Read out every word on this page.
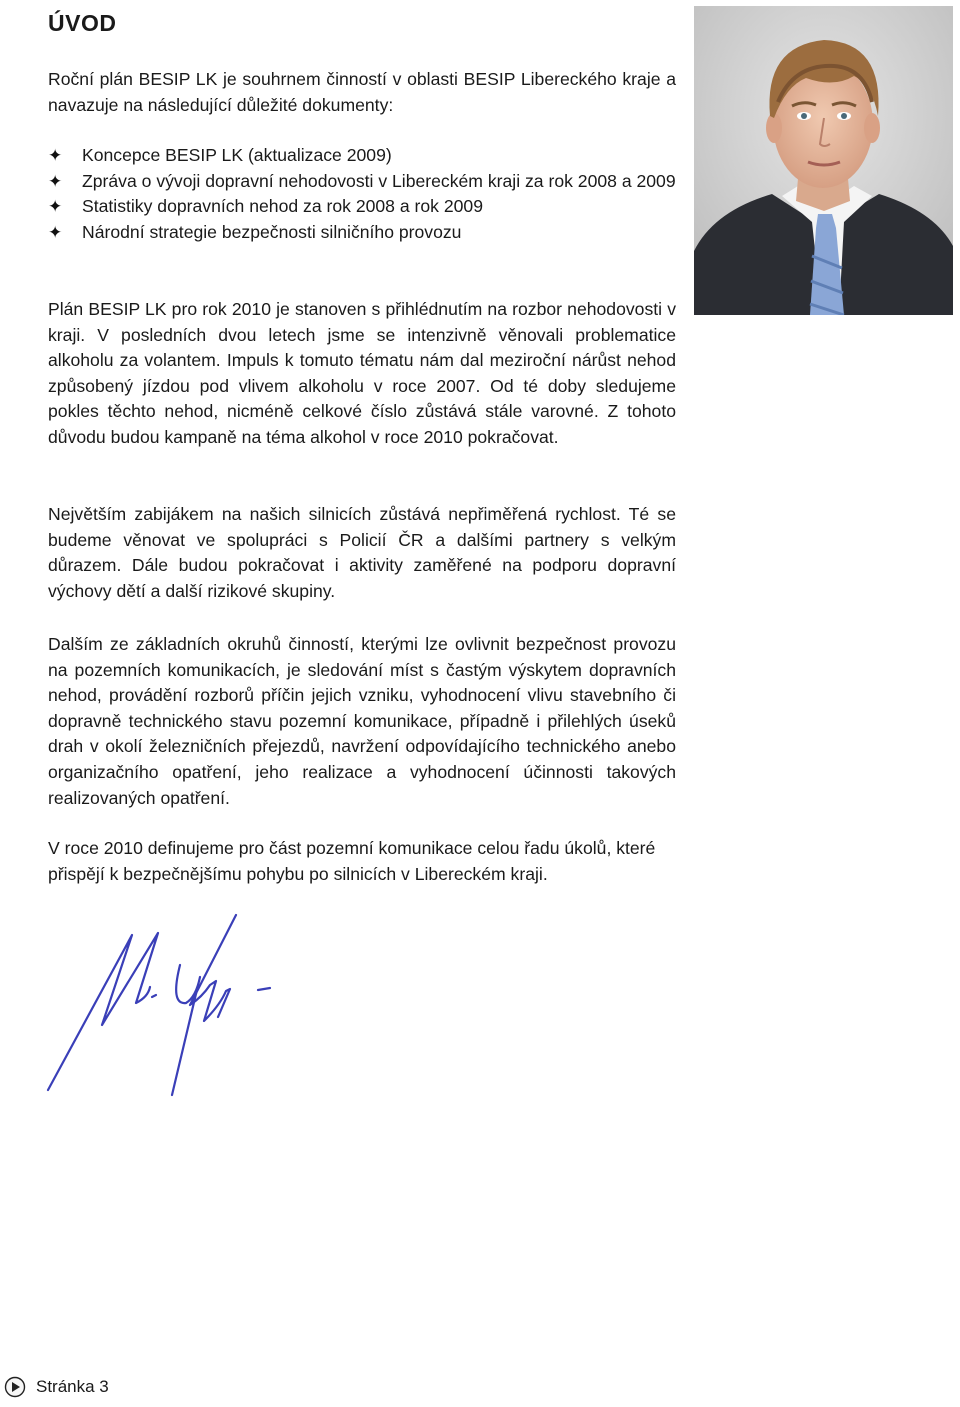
ÚVOD
Roční plán BESIP LK je souhrnem činností v oblasti BESIP Libereckého kraje a navazuje na následující důležité dokumenty:
✦ Koncepce BESIP LK (aktualizace 2009)
✦ Zpráva o vývoji dopravní nehodovosti v Libereckém kraji za rok 2008 a 2009
✦ Statistiky dopravních nehod za rok 2008 a rok 2009
✦ Národní strategie bezpečnosti silničního provozu

Plán BESIP LK pro rok 2010 je stanoven s přihlédnutím na rozbor nehodovosti v kraji. V posledních dvou letech jsme se intenzivně věnovali problematice alkoholu za volantem. Impuls k tomuto tématu nám dal meziroční nárůst nehod způsobený jízdou pod vlivem alkoholu v roce 2007. Od té doby sledujeme pokles těchto nehod, nicméně celkové číslo zůstává stále varovné. Z tohoto důvodu budou kampaně na téma alkohol v roce 2010 pokračovat.

Největším zabijákem na našich silnicích zůstává nepřiměřená rychlost. Té se budeme věnovat ve spolupráci s Policií ČR a dalšími partnery s velkým důrazem. Dále budou pokračovat i aktivity zaměřené na podporu dopravní výchovy dětí a další rizikové skupiny.

Dalším ze základních okruhů činností, kterými lze ovlivnit bezpečnost provozu na pozemních komunikacích, je sledování míst s častým výskytem dopravních nehod, provádění rozborů příčin jejich vzniku, vyhodnocení vlivu stavebního či dopravně technického stavu pozemní komunikace, případně i přilehlých úseků drah v okolí železničních přejezdů, navržení odpovídajícího technického anebo organizačního opatření, jeho realizace a vyhodnocení účinnosti takových realizovaných opatření.

V roce 2010 definujeme pro část pozemní komunikace celou řadu úkolů, které přispějí k bezpečnějšímu pohybu po silnicích v Libereckém kraji.

Stránka 3
